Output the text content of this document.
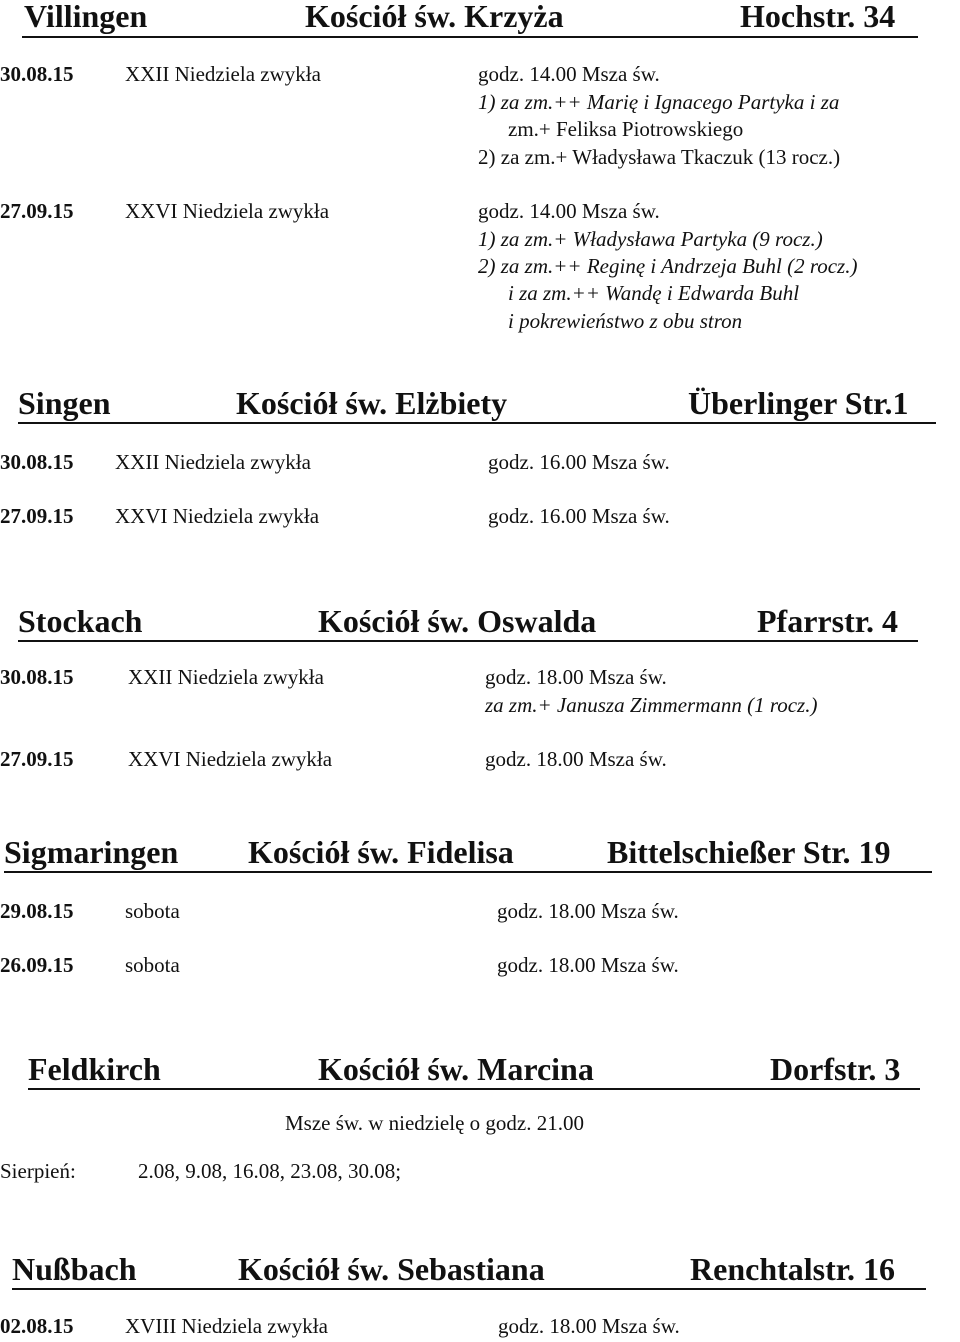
Villingen	Kościół św. Krzyża	Hochstr. 34
30.08.15 XXII Niedziela zwykła	godz. 14.00 Msza św.
1) za zm.++ Marię i Ignacego Partyka i za
zm.+ Feliksa Piotrowskiego
2) za zm.+ Władysława Tkaczuk (13 rocz.)
27.09.15 XXVI Niedziela zwykła	godz. 14.00 Msza św.
1) za zm.+ Władysława Partyka (9 rocz.)
2) za zm.++ Reginę i Andrzeja Buhl (2 rocz.)
i za zm.++ Wandę i Edwarda Buhl
i pokrewieństwo z obu stron
Singen	Kościół św. Elżbiety	Überlinger Str.1
30.08.15 XXII Niedziela zwykła	godz. 16.00 Msza św.
27.09.15 XXVI Niedziela zwykła	godz. 16.00 Msza św.
Stockach	Kościół św. Oswalda	Pfarrstr. 4
30.08.15	XXII Niedziela zwykła	godz. 18.00 Msza św.
za zm.+ Janusza Zimmermann (1 rocz.)
27.09.15	XXVI Niedziela zwykła	godz. 18.00 Msza św.
Sigmaringen Kościół św. Fidelisa	Bittelschießer Str. 19
29.08.15 sobota	godz. 18.00 Msza św.
26.09.15 sobota	godz. 18.00 Msza św.
Feldkirch	Kościół św. Marcina	Dorfstr. 3
Msze św. w niedzielę o godz. 21.00
Sierpień:	2.08, 9.08, 16.08, 23.08, 30.08;
Nußbach	Kościół św. Sebastiana	Renchtalstr. 16
02.08.15 XVIII Niedziela zwykła	godz. 18.00 Msza św.
